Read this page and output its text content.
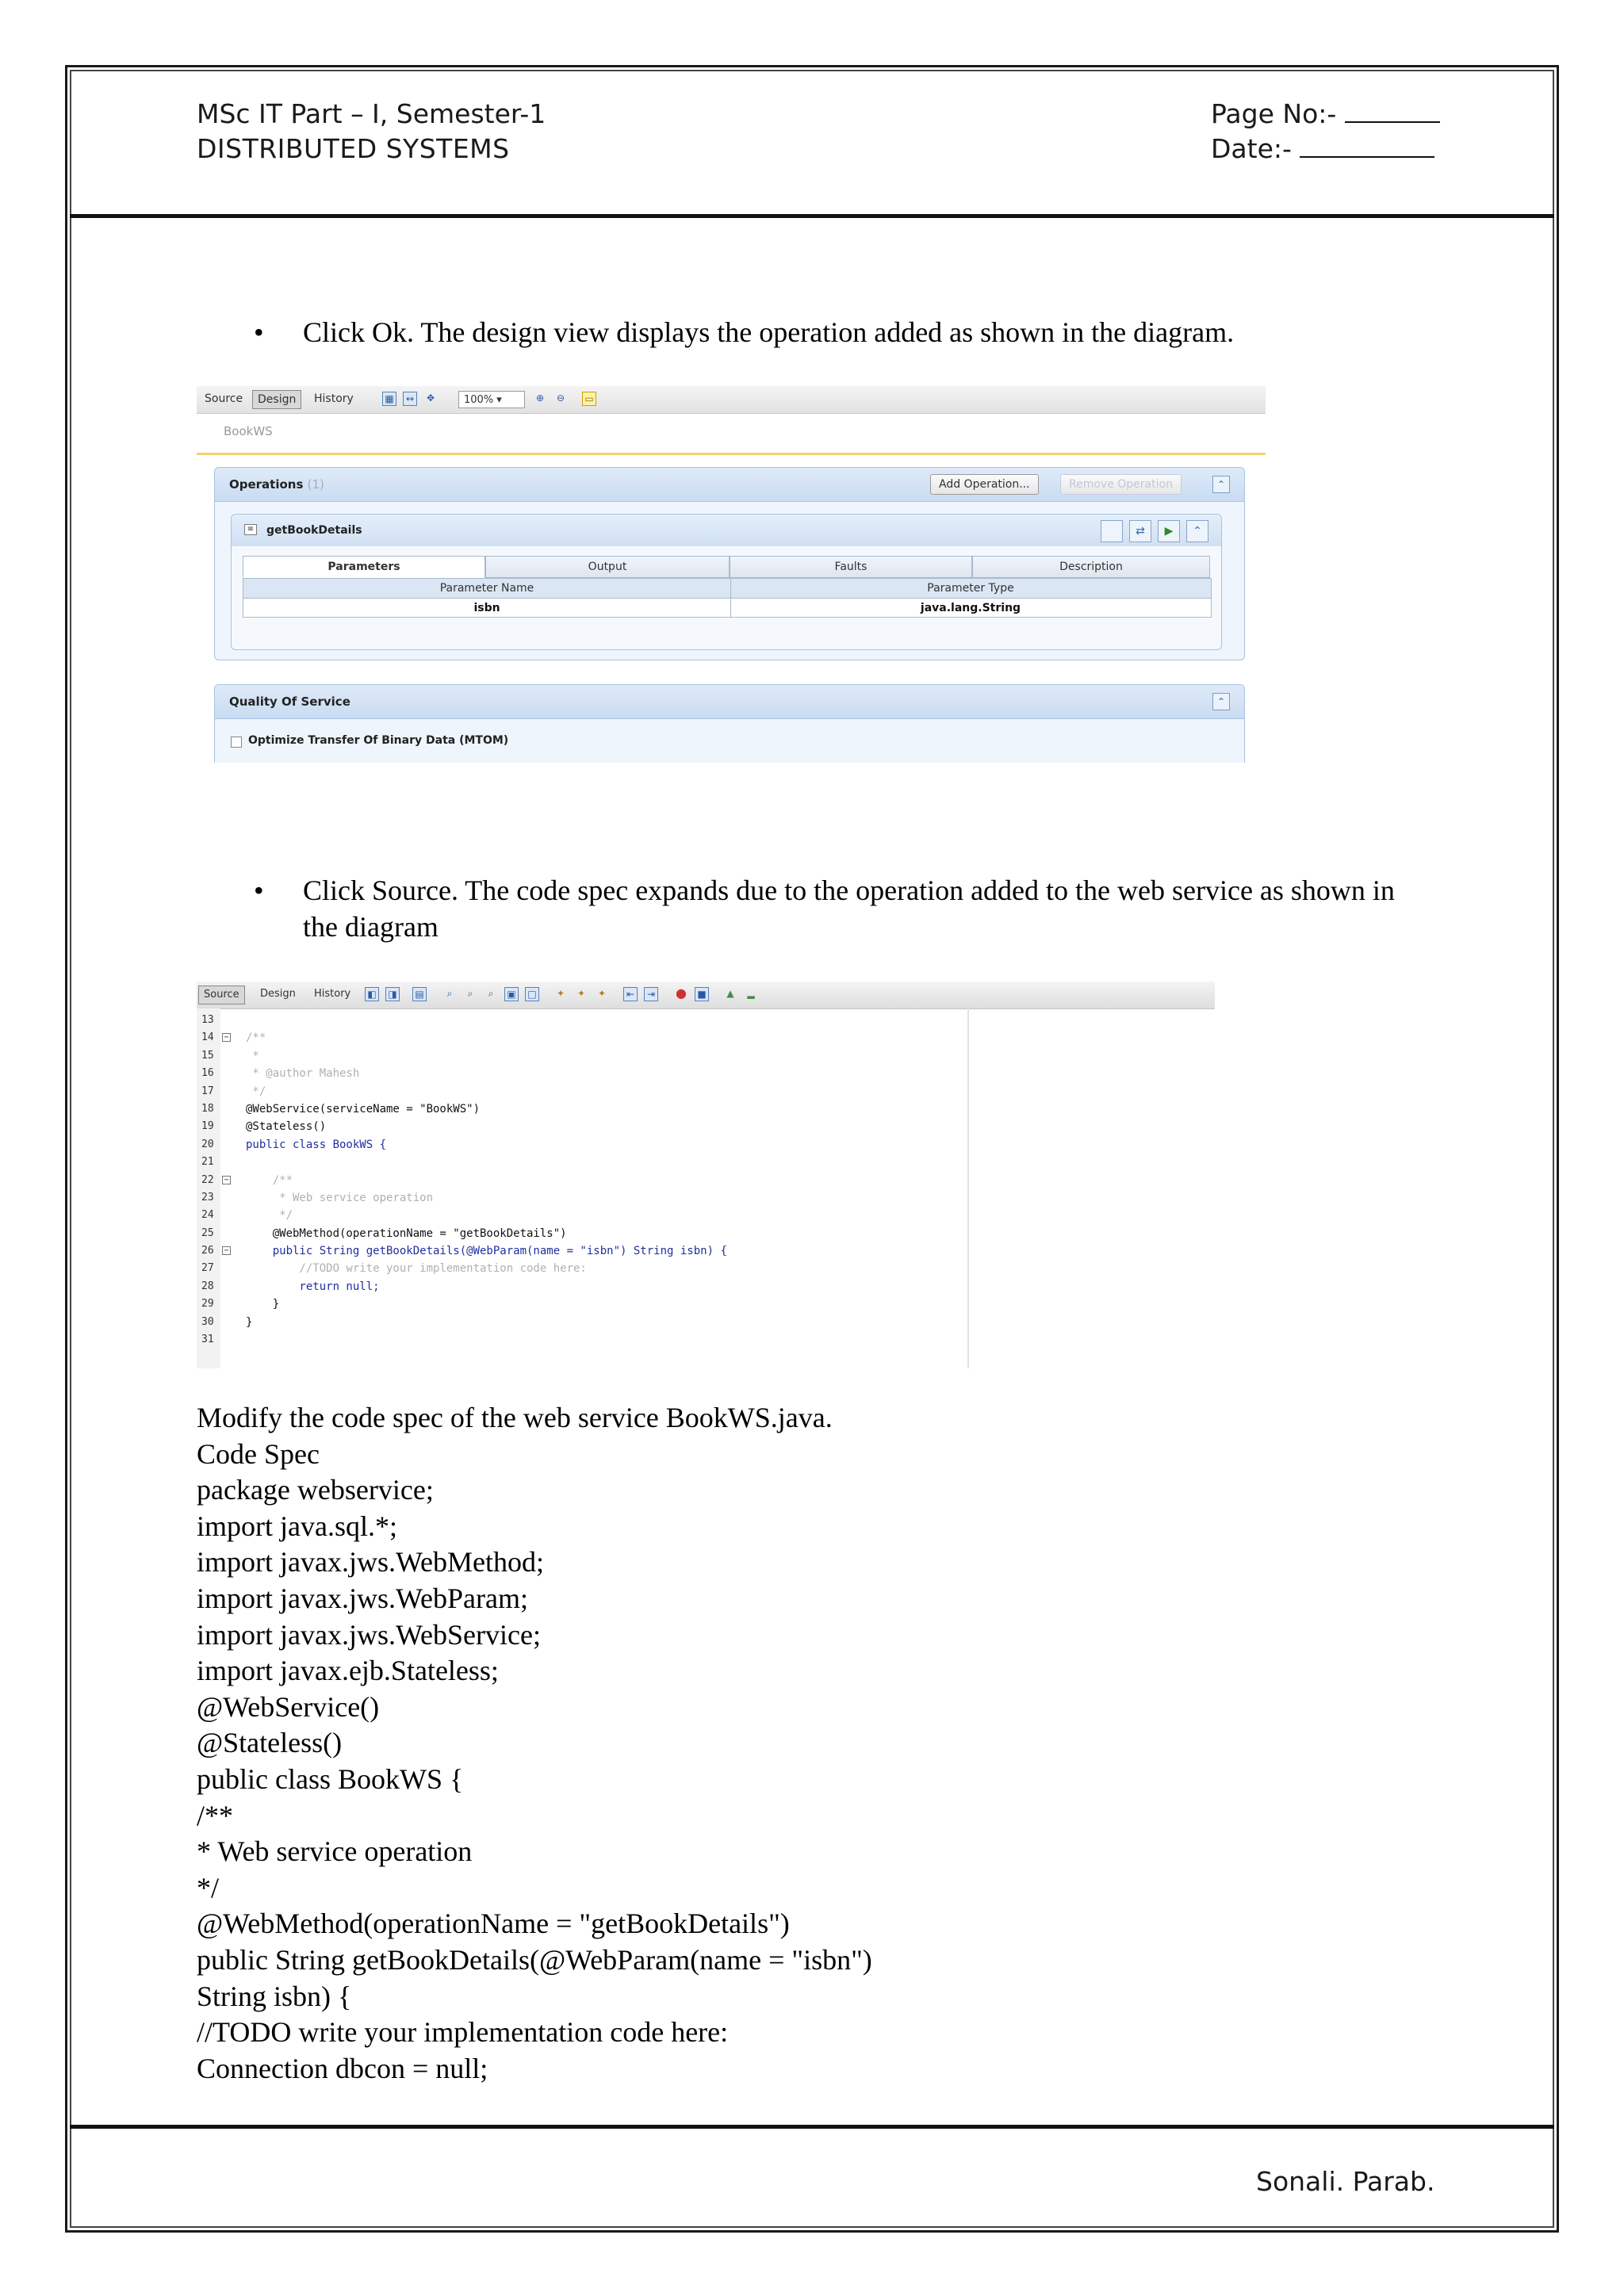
MSc IT Part – I, Semester-1
DISTRIBUTED SYSTEMS
Page No:-
Date:-
• Click Ok. The design view displays the operation added as shown in the diagram.
Source	Design	History	▦	↔	✥	100% ▾	⊕	⊖	▭
BookWS
Operations (1)	Add Operation...	Remove Operation	⌃
≡ getBookDetails	⇄	▶	⌃
Parameters	Output	Faults	Description
Parameter Name	Parameter Type
isbn	java.lang.String
Quality Of Service	⌃
Optimize Transfer Of Binary Data (MTOM)
• Click Source. The code spec expands due to the operation added to the web service as shown in the diagram
Source	Design	History	◧ ◨ ▤	⌕	⌕	⌕	▣ □	✦	✦	✦	⇤	⇥ ● ■	▲	▂
13
14	− /**
15	*
16	* @author Mahesh
17	*/
18	@WebService(serviceName = "BookWS")
19	@Stateless()
20	public class BookWS {
21
22	− /**
23	* Web service operation
24	*/
25	@WebMethod(operationName = "getBookDetails")
26	− public String getBookDetails(@WebParam(name = "isbn") String isbn) {
27	//TODO write your implementation code here:
28	return null;
29	}
30	}
31
Modify the code spec of the web service BookWS.java.
Code Spec
package webservice;
import java.sql.*;
import javax.jws.WebMethod;
import javax.jws.WebParam;
import javax.jws.WebService;
import javax.ejb.Stateless;
@WebService()
@Stateless()
public class BookWS {
/**
* Web service operation
*/
@WebMethod(operationName = "getBookDetails")
public String getBookDetails(@WebParam(name = "isbn")
String isbn) {
//TODO write your implementation code here:
Connection dbcon = null;
Sonali. Parab.
